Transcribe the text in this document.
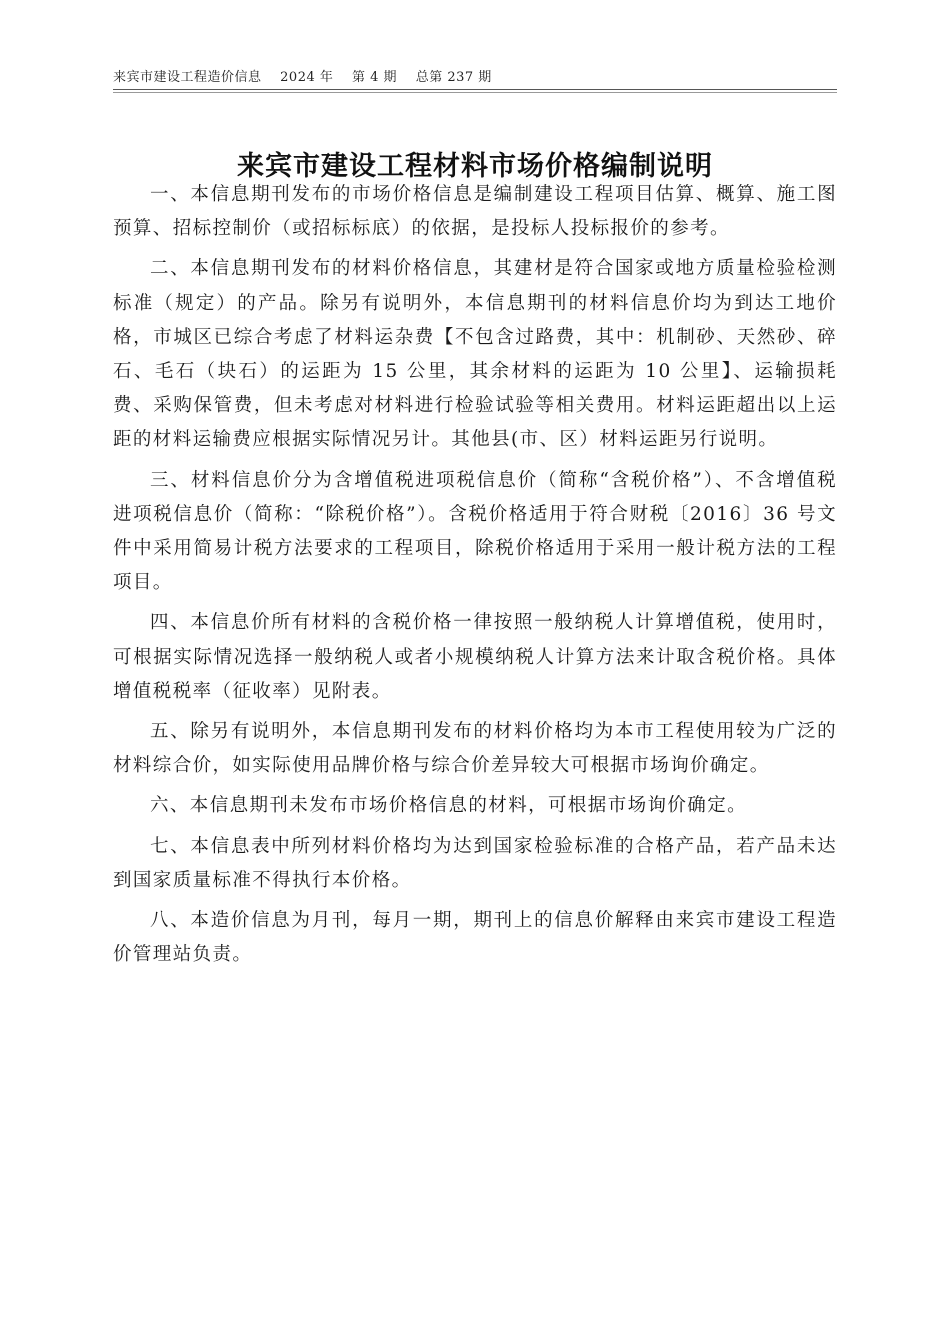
来宾市建设工程造价信息 2024 年 第 4 期 总第 237 期
来宾市建设工程材料市场价格编制说明

一、本信息期刊发布的市场价格信息是编制建设工程项目估算、概算、施工图预算、招标控制价（或招标标底）的依据，是投标人投标报价的参考。

二、本信息期刊发布的材料价格信息，其建材是符合国家或地方质量检验检测标准（规定）的产品。除另有说明外，本信息期刊的材料信息价均为到达工地价格，市城区已综合考虑了材料运杂费【不包含过路费，其中：机制砂、天然砂、碎石、毛石（块石）的运距为 15 公里，其余材料的运距为 10 公里】、运输损耗费、采购保管费，但未考虑对材料进行检验试验等相关费用。材料运距超出以上运距的材料运输费应根据实际情况另计。其他县(市、区）材料运距另行说明。

三、材料信息价分为含增值税进项税信息价（简称“含税价格”）、不含增值税进项税信息价（简称：“除税价格”）。含税价格适用于符合财税〔2016〕36 号文件中采用简易计税方法要求的工程项目，除税价格适用于采用一般计税方法的工程项目。

四、本信息价所有材料的含税价格一律按照一般纳税人计算增值税，使用时，可根据实际情况选择一般纳税人或者小规模纳税人计算方法来计取含税价格。具体增值税税率（征收率）见附表。

五、除另有说明外，本信息期刊发布的材料价格均为本市工程使用较为广泛的材料综合价，如实际使用品牌价格与综合价差异较大可根据市场询价确定。

六、本信息期刊未发布市场价格信息的材料，可根据市场询价确定。

七、本信息表中所列材料价格均为达到国家检验标准的合格产品，若产品未达到国家质量标准不得执行本价格。

八、本造价信息为月刊，每月一期，期刊上的信息价解释由来宾市建设工程造价管理站负责。
